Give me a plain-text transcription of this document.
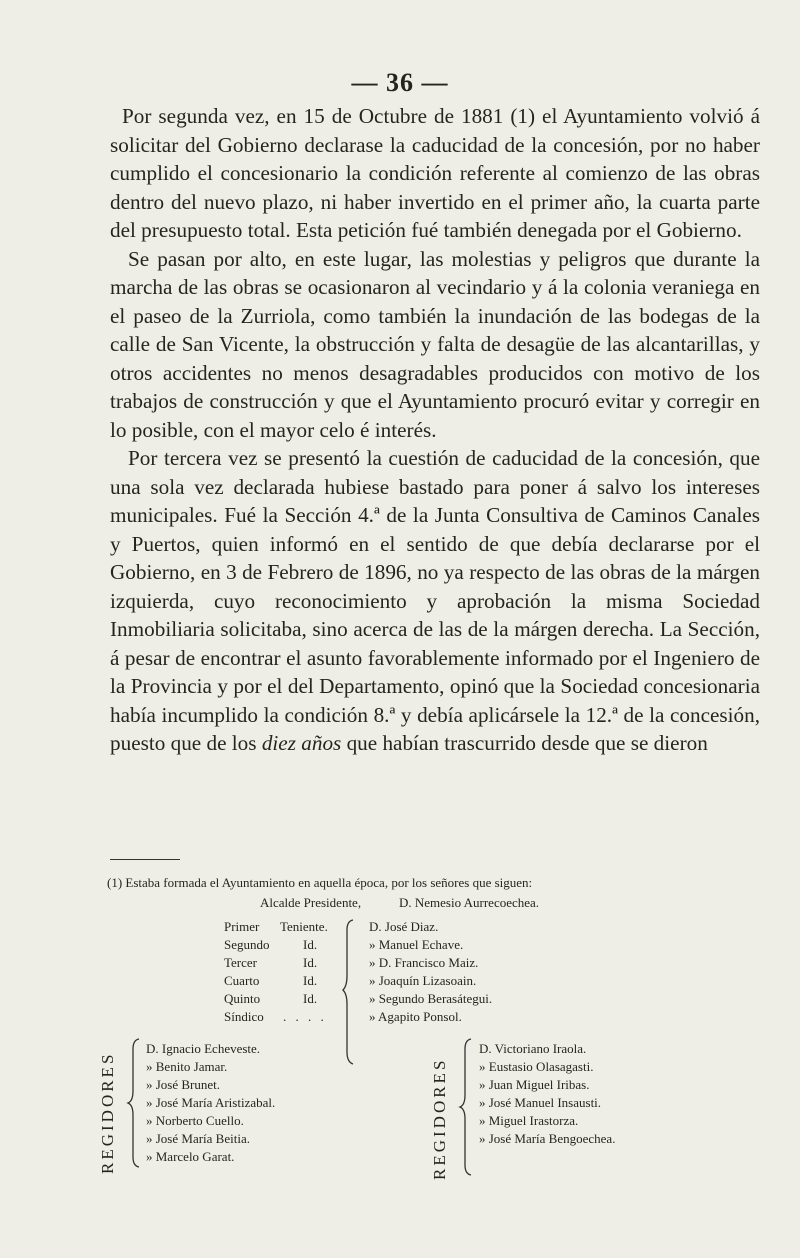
— 36 —

Por segunda vez, en 15 de Octubre de 1881 (1) el Ayuntamiento volvió á solicitar del Gobierno declarase la caducidad de la concesión, por no haber cumplido el concesionario la condición referente al comienzo de las obras dentro del nuevo plazo, ni haber invertido en el primer año, la cuarta parte del presupuesto total. Esta petición fué también denegada por el Gobierno.

Se pasan por alto, en este lugar, las molestias y peligros que durante la marcha de las obras se ocasionaron al vecindario y á la colonia veraniega en el paseo de la Zurriola, como también la inundación de las bodegas de la calle de San Vicente, la obstrucción y falta de desagüe de las alcantarillas, y otros accidentes no menos desagradables producidos con motivo de los trabajos de construcción y que el Ayuntamiento procuró evitar y corregir en lo posible, con el mayor celo é interés.

Por tercera vez se presentó la cuestión de caducidad de la concesión, que una sola vez declarada hubiese bastado para poner á salvo los intereses municipales. Fué la Sección 4.ª de la Junta Consultiva de Caminos Canales y Puertos, quien informó en el sentido de que debía declararse por el Gobierno, en 3 de Febrero de 1896, no ya respecto de las obras de la márgen izquierda, cuyo reconocimiento y aprobación la misma Sociedad Inmobiliaria solicitaba, sino acerca de las de la márgen derecha. La Sección, á pesar de encontrar el asunto favorablemente informado por el Ingeniero de la Provincia y por el del Departamento, opinó que la Sociedad concesionaria había incumplido la condición 8.ª y debía aplicársele la 12.ª de la concesión, puesto que de los diez años que habían trascurrido desde que se dieron

(1) Estaba formada el Ayuntamiento en aquella época, por los señores que siguen:
Alcalde Presidente,	D. Nemesio Aurrecoechea.
Primer Teniente.	D. José Diaz.
Segundo	Id.	» Manuel Echave.
Tercer	Id.	» D. Francisco Maiz.
Cuarto	Id.	» Joaquín Lizasoain.
Quinto	Id.	» Segundo Berasátegui.
Síndico . . . .	» Agapito Ponsol.
REGIDORES
D. Ignacio Echeveste.
» Benito Jamar.
» José Brunet.
» José María Aristizabal.
» Norberto Cuello.
» José María Beitia.
» Marcelo Garat.	REGIDORES
D. Victoriano Iraola.
» Eustasio Olasagasti.
» Juan Miguel Iribas.
» José Manuel Insausti.
» Miguel Irastorza.
» José María Bengoechea.
